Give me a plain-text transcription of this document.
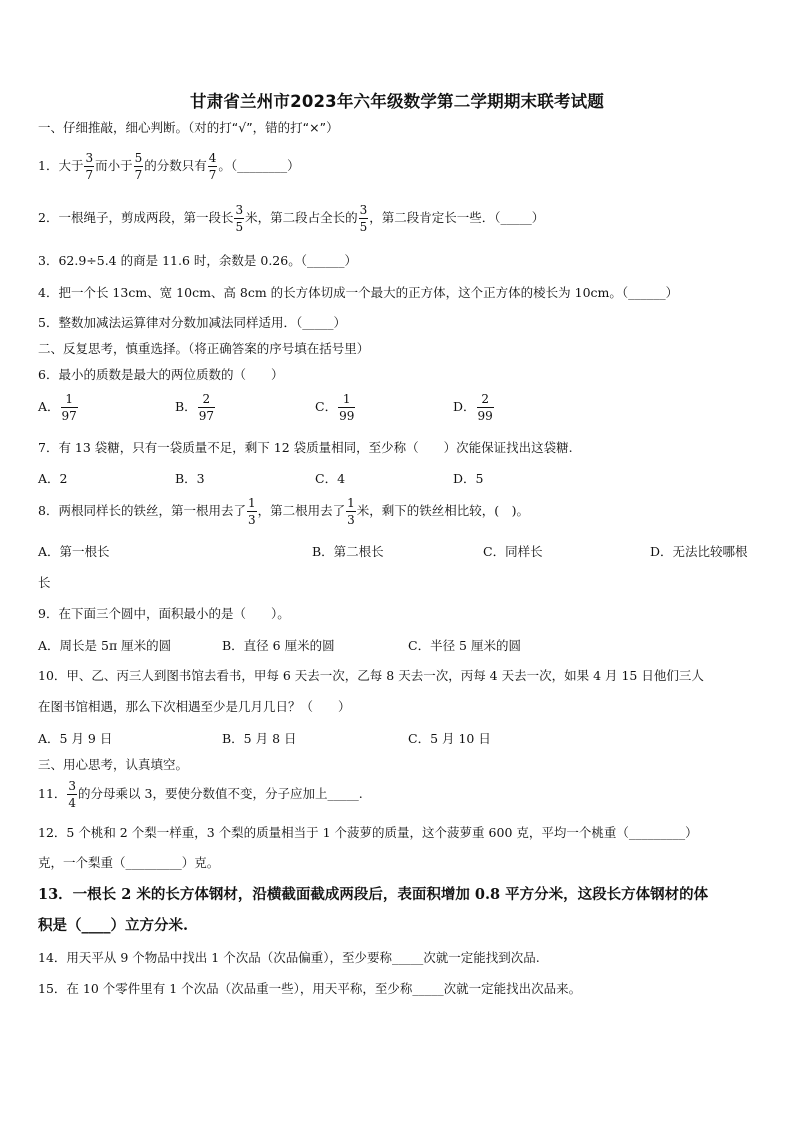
甘肃省兰州市2023年六年级数学第二学期期末联考试题
一、仔细推敲，细心判断。（对的打“√”，错的打“×”）
1．大于 $\frac{3}{7}$ 而小于 $\frac{5}{7}$ 的分数只有 $\frac{4}{7}$ 。（________）
2．一根绳子，剪成两段，第一段长 $\frac{3}{5}$ 米，第二段占全长的 $\frac{3}{5}$ ，第二段肯定长一些．（_____）
3．62.9÷5.4 的商是 11.6 时，余数是 0.26。（______）
4．把一个长 13cm、宽 10cm、高 8cm 的长方体切成一个最大的正方体，这个正方体的棱长为 10cm。（______）
5．整数加减法运算律对分数加减法同样适用．（_____）
二、反复思考，慎重选择。（将正确答案的序号填在括号里）
6．最小的质数是最大的两位质数的（　　）
A． $\frac{1}{97}$	B． $\frac{2}{97}$	C． $\frac{1}{99}$	D． $\frac{2}{99}$
7．有 13 袋糖，只有一袋质量不足，剩下 12 袋质量相同，至少称（　　）次能保证找出这袋糖.
A．2	B．3	C．4	D．5
8．两根同样长的铁丝，第一根用去了 $\frac{1}{3}$ ，第二根用去了 $\frac{1}{3}$ 米，剩下的铁丝相比较，(　)。
A．第一根长	B．第二根长	C．同样长	D．无法比较哪根
长
9．在下面三个圆中，面积最小的是（　　）。
A．周长是 5π 厘米的圆	B．直径 6 厘米的圆	C．半径 5 厘米的圆
10．甲、乙、丙三人到图书馆去看书，甲每 6 天去一次，乙每 8 天去一次，丙每 4 天去一次，如果 4 月 15 日他们三人
在图书馆相遇，那么下次相遇至少是几月几日？（　　）
A．5 月 9 日	B．5 月 8 日	C．5 月 10 日
三、用心思考，认真填空。
11． $\frac{3}{4}$ 的分母乘以 3，要使分数值不变，分子应加上_____.
12．5 个桃和 2 个梨一样重，3 个梨的质量相当于 1 个菠萝的质量，这个菠萝重 600 克，平均一个桃重（_________）
克，一个梨重（_________）克。
13．一根长 2 米的长方体钢材，沿横截面截成两段后，表面积增加 0.8 平方分米，这段长方体钢材的体
积是（____）立方分米.
14．用天平从 9 个物品中找出 1 个次品（次品偏重），至少要称_____次就一定能找到次品.
15．在 10 个零件里有 1 个次品（次品重一些），用天平称，至少称_____次就一定能找出次品来。
